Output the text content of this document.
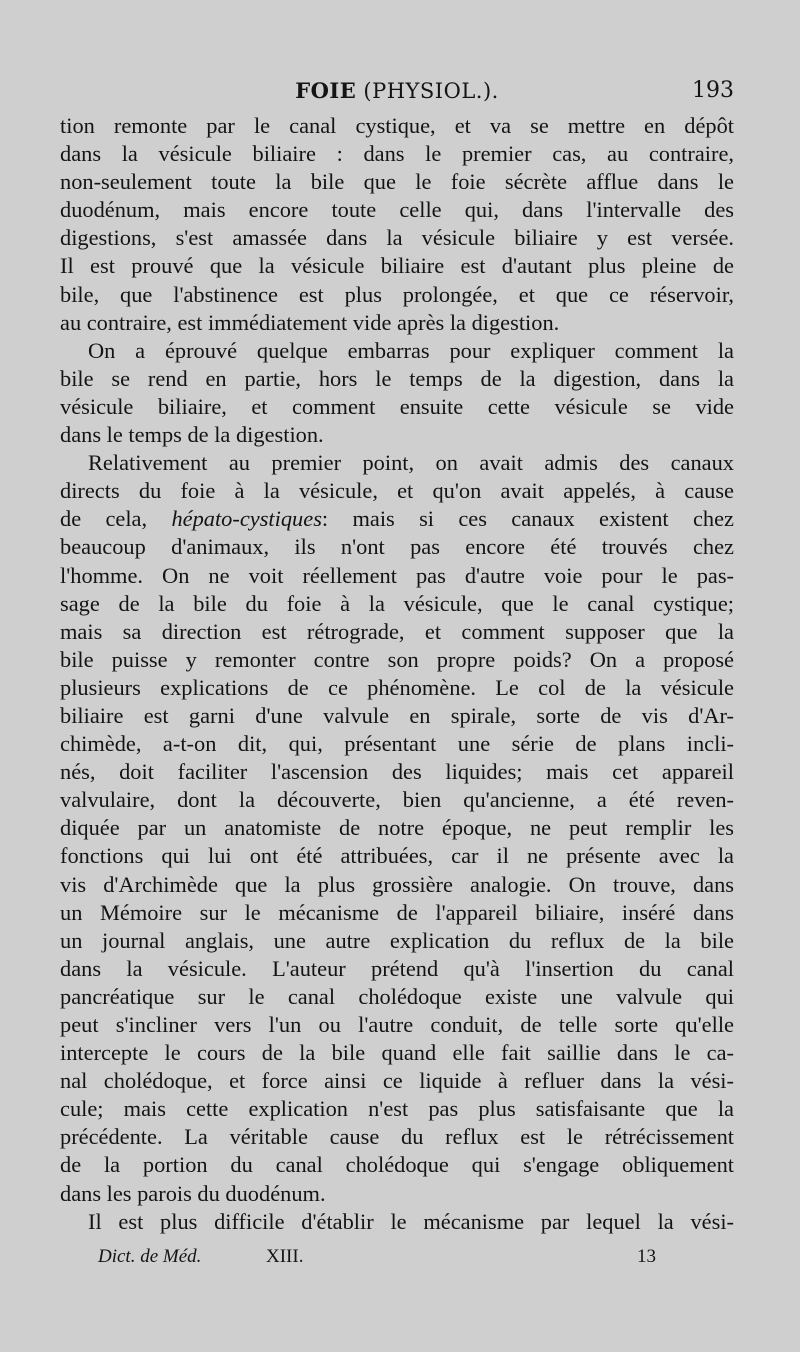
FOIE (PHYSIOL.).	193
tion remonte par le canal cystique, et va se mettre en dépôt
dans la vésicule biliaire : dans le premier cas, au contraire,
non-seulement toute la bile que le foie sécrète afflue dans le
duodénum, mais encore toute celle qui, dans l'intervalle des
digestions, s'est amassée dans la vésicule biliaire y est versée.
Il est prouvé que la vésicule biliaire est d'autant plus pleine de
bile, que l'abstinence est plus prolongée, et que ce réservoir,
au contraire, est immédiatement vide après la digestion.
On a éprouvé quelque embarras pour expliquer comment la
bile se rend en partie, hors le temps de la digestion, dans la
vésicule biliaire, et comment ensuite cette vésicule se vide
dans le temps de la digestion.
Relativement au premier point, on avait admis des canaux
directs du foie à la vésicule, et qu'on avait appelés, à cause
de cela, hépato-cystiques: mais si ces canaux existent chez
beaucoup d'animaux, ils n'ont pas encore été trouvés chez
l'homme. On ne voit réellement pas d'autre voie pour le pas-
sage de la bile du foie à la vésicule, que le canal cystique;
mais sa direction est rétrograde, et comment supposer que la
bile puisse y remonter contre son propre poids? On a proposé
plusieurs explications de ce phénomène. Le col de la vésicule
biliaire est garni d'une valvule en spirale, sorte de vis d'Ar-
chimède, a-t-on dit, qui, présentant une série de plans incli-
nés, doit faciliter l'ascension des liquides; mais cet appareil
valvulaire, dont la découverte, bien qu'ancienne, a été reven-
diquée par un anatomiste de notre époque, ne peut remplir les
fonctions qui lui ont été attribuées, car il ne présente avec la
vis d'Archimède que la plus grossière analogie. On trouve, dans
un Mémoire sur le mécanisme de l'appareil biliaire, inséré dans
un journal anglais, une autre explication du reflux de la bile
dans la vésicule. L'auteur prétend qu'à l'insertion du canal
pancréatique sur le canal cholédoque existe une valvule qui
peut s'incliner vers l'un ou l'autre conduit, de telle sorte qu'elle
intercepte le cours de la bile quand elle fait saillie dans le ca-
nal cholédoque, et force ainsi ce liquide à refluer dans la vési-
cule; mais cette explication n'est pas plus satisfaisante que la
précédente. La véritable cause du reflux est le rétrécissement
de la portion du canal cholédoque qui s'engage obliquement
dans les parois du duodénum.
Il est plus difficile d'établir le mécanisme par lequel la vési-
Dict. de Méd.	XIII.	13
